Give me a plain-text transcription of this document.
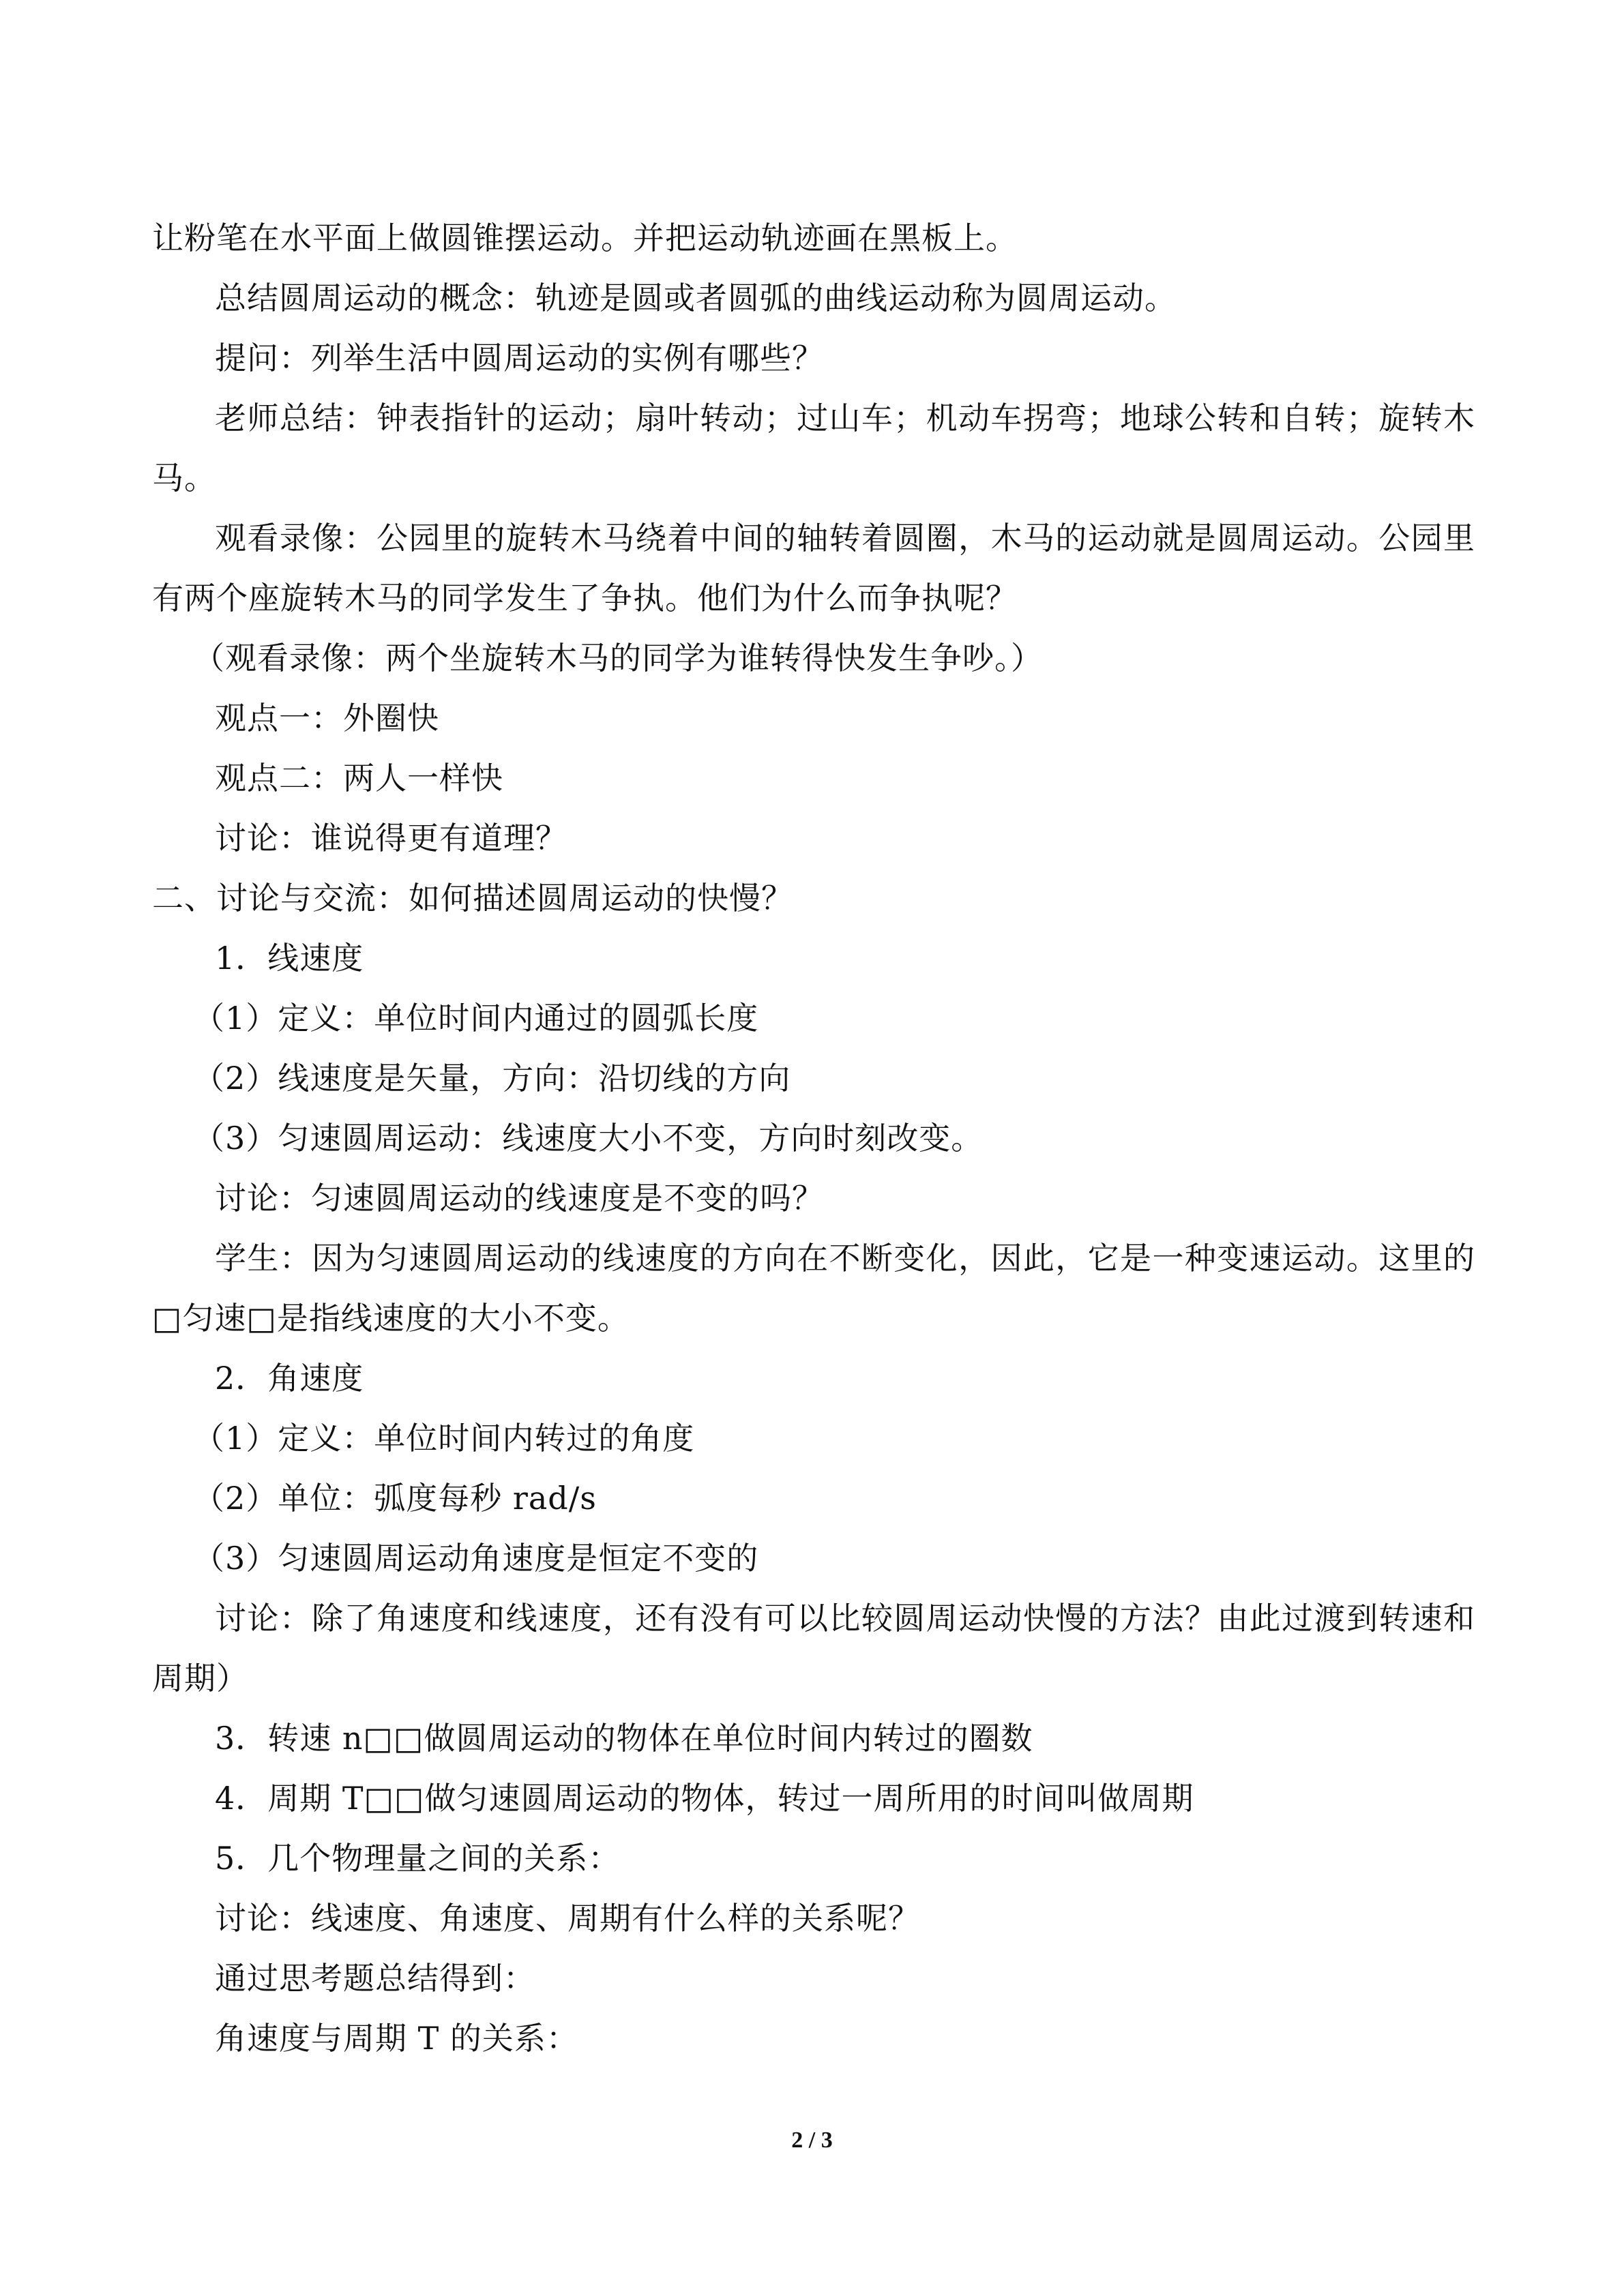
让粉笔在水平面上做圆锥摆运动。并把运动轨迹画在黑板上。
总结圆周运动的概念：轨迹是圆或者圆弧的曲线运动称为圆周运动。
提问：列举生活中圆周运动的实例有哪些？
老师总结：钟表指针的运动；扇叶转动；过山车；机动车拐弯；地球公转和自转；旋转木马。
观看录像：公园里的旋转木马绕着中间的轴转着圆圈，木马的运动就是圆周运动。公园里有两个座旋转木马的同学发生了争执。他们为什么而争执呢？
（观看录像：两个坐旋转木马的同学为谁转得快发生争吵。）
观点一：外圈快
观点二：两人一样快
讨论：谁说得更有道理？
二、讨论与交流：如何描述圆周运动的快慢？
1．线速度
（1）定义：单位时间内通过的圆弧长度
（2）线速度是矢量，方向：沿切线的方向
（3）匀速圆周运动：线速度大小不变，方向时刻改变。
讨论：匀速圆周运动的线速度是不变的吗？
学生：因为匀速圆周运动的线速度的方向在不断变化，因此，它是一种变速运动。这里的□匀速□是指线速度的大小不变。
2．角速度
（1）定义：单位时间内转过的角度
（2）单位：弧度每秒 rad/s
（3）匀速圆周运动角速度是恒定不变的
讨论：除了角速度和线速度，还有没有可以比较圆周运动快慢的方法？由此过渡到转速和周期）
3．转速 n□□做圆周运动的物体在单位时间内转过的圈数
4．周期 T□□做匀速圆周运动的物体，转过一周所用的时间叫做周期
5．几个物理量之间的关系：
讨论：线速度、角速度、周期有什么样的关系呢？
通过思考题总结得到：
角速度与周期 T 的关系：
2 / 3
